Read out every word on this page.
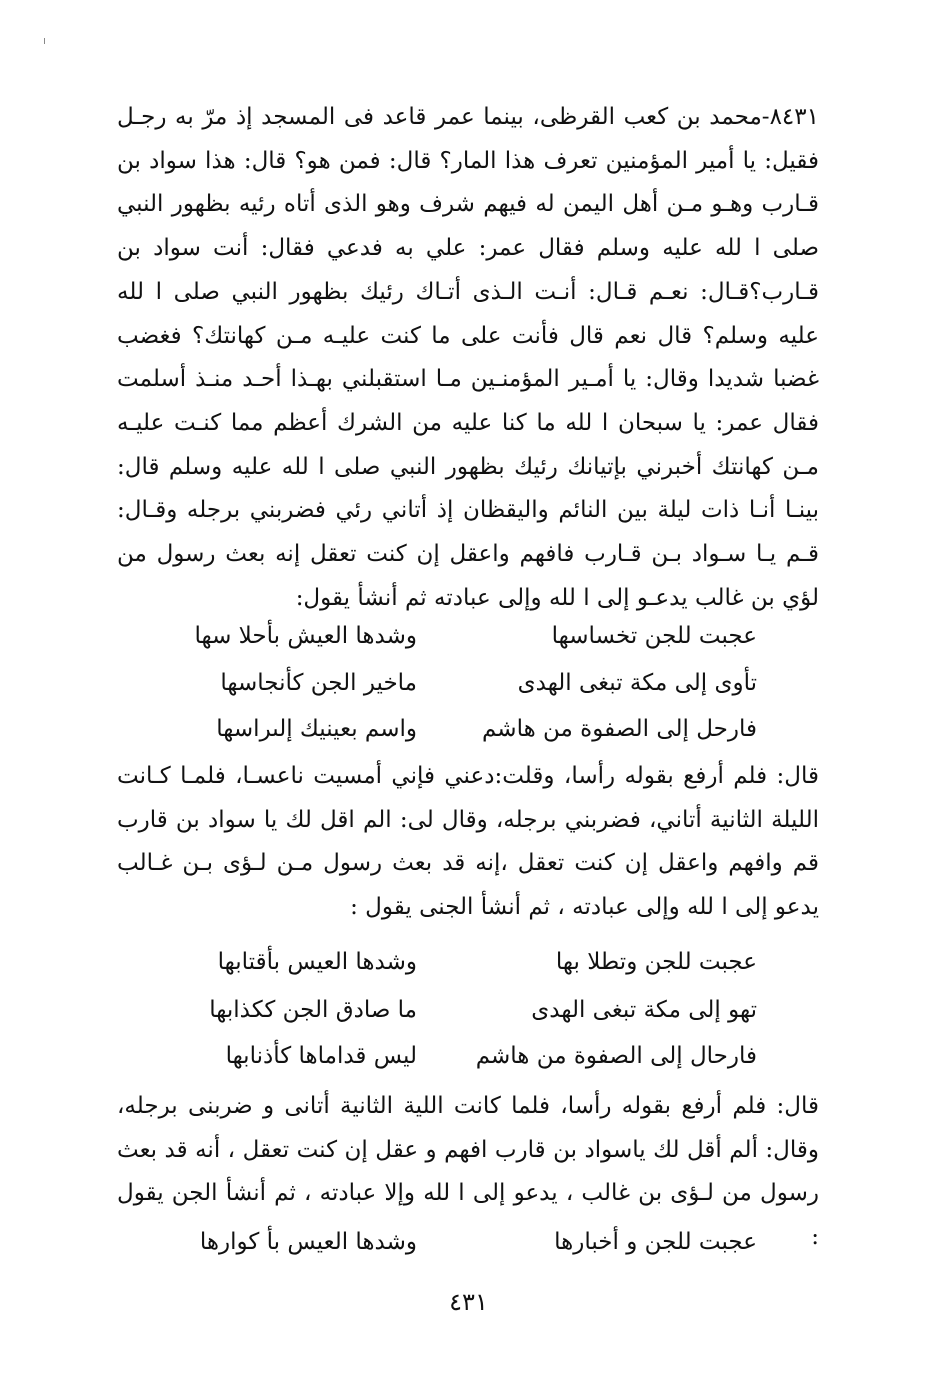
٨٤٣١-محمد بن كعب القرظى، بينما عمر قاعد فى المسجد إذ مرّ به رجـل فقيل: يا أمير المؤمنين تعرف هذا المار؟ قال: فمن هو؟ قال: هذا سواد بن قـارب وهـو مـن أهل اليمن له فيهم شرف وهو الذى أتاه رئيه بظهور النبي صلى ا لله عليه وسلم فقال عمر: علي به فدعي فقال: أنت سواد بن قـارب؟قـال: نعـم قـال: أنـت الـذى أتـاك رئيك بظهور النبي صلى ا لله عليه وسلم؟ قال نعم قال فأنت على ما كنت عليـه مـن كهانتك؟ فغضب غضبا شديدا وقال: يا أمـير المؤمنـين مـا استقبلني بهـذا أحـد منـذ أسلمت فقال عمر: يا سبحان ا لله ما كنا عليه من الشرك أعظم مما كنـت عليـه مـن كهانتك أخبرني بإتيانك رئيك بظهور النبي صلى ا لله عليه وسلم قال: بينـا أنـا ذات ليلة بين النائم واليقظان إذ أتاني رئي فضربني برجله وقـال: قـم يـا سـواد بـن قـارب فافهم واعقل إن كنت تعقل إنه بعث رسول من لؤي بن غالب يدعـو إلى ا لله وإلى عبادته ثم أنشأ يقول:
عجبت للجن تخساسها
وشدها العيش بأحلا سها
تأوى إلى مكة تبغى الهدى
ماخير الجن كأنجاسها
فارحل إلى الصفوة من هاشم
واسم بعينيك إلىراسها
قال: فلم أرفع بقوله رأسا، وقلت:دعني فإني أمسيت ناعسـا، فلمـا كـانت الليلة الثانية أتاني، فضربني برجله، وقال لى: الم اقل لك يا سواد بن قارب قم وافهم واعقل إن كنت تعقل ،إنه قد بعث رسول مـن لـؤى بـن غـالب يدعو إلى ا لله وإلى عبادته ، ثم أنشأ الجنى يقول :
عجبت للجن وتطلا بها
وشدها العيس بأقتابها
تهو إلى مكة تبغى الهدى
ما صادق الجن ككذابها
فارحال إلى الصفوة من هاشم
ليس قداماها كأذنابها
قال: فلم أرفع بقوله رأسا، فلما كانت اللية الثانية أتانى و ضربنى برجله، وقال: ألم أقل لك ياسواد بن قارب افهم و عقل إن كنت تعقل ، أنه قد بعث رسول من لـؤى بن غالب ، يدعو إلى ا لله وإلا عبادته ، ثم أنشأ الجن يقول :
عجبت للجن و أخبارها
وشدها العيس بأ كوارها
٤٣١
